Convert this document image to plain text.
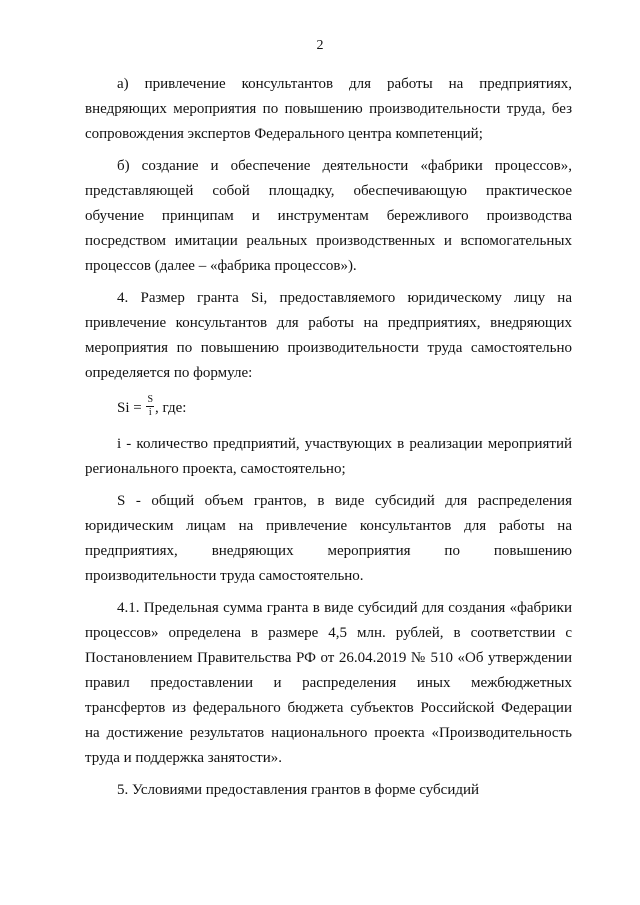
2

а) привлечение консультантов для работы на предприятиях, внедряющих мероприятия по повышению производительности труда, без сопровождения экспертов Федерального центра компетенций;

б) создание и обеспечение деятельности «фабрики процессов», представляющей собой площадку, обеспечивающую практическое обучение принципам и инструментам бережливого производства посредством имитации реальных производственных и вспомогательных процессов (далее – «фабрика процессов»).

4. Размер гранта Si, предоставляемого юридическому лицу на привлечение консультантов для работы на предприятиях, внедряющих мероприятия по повышению производительности труда самостоятельно определяется по формуле:

$Si = \frac{S}{i}$ , где:

i - количество предприятий, участвующих в реализации мероприятий регионального проекта, самостоятельно;

S - общий объем грантов, в виде субсидий для распределения юридическим лицам на привлечение консультантов для работы на предприятиях, внедряющих мероприятия по повышению производительности труда самостоятельно.

4.1. Предельная сумма гранта в виде субсидий для создания «фабрики процессов» определена в размере 4,5 млн. рублей, в соответствии с Постановлением Правительства РФ от 26.04.2019 № 510 «Об утверждении правил предоставлении и распределения иных межбюджетных трансфертов из федерального бюджета субъектов Российской Федерации на достижение результатов национального проекта «Производительность труда и поддержка занятости».

5. Условиями предоставления грантов в форме субсидий
